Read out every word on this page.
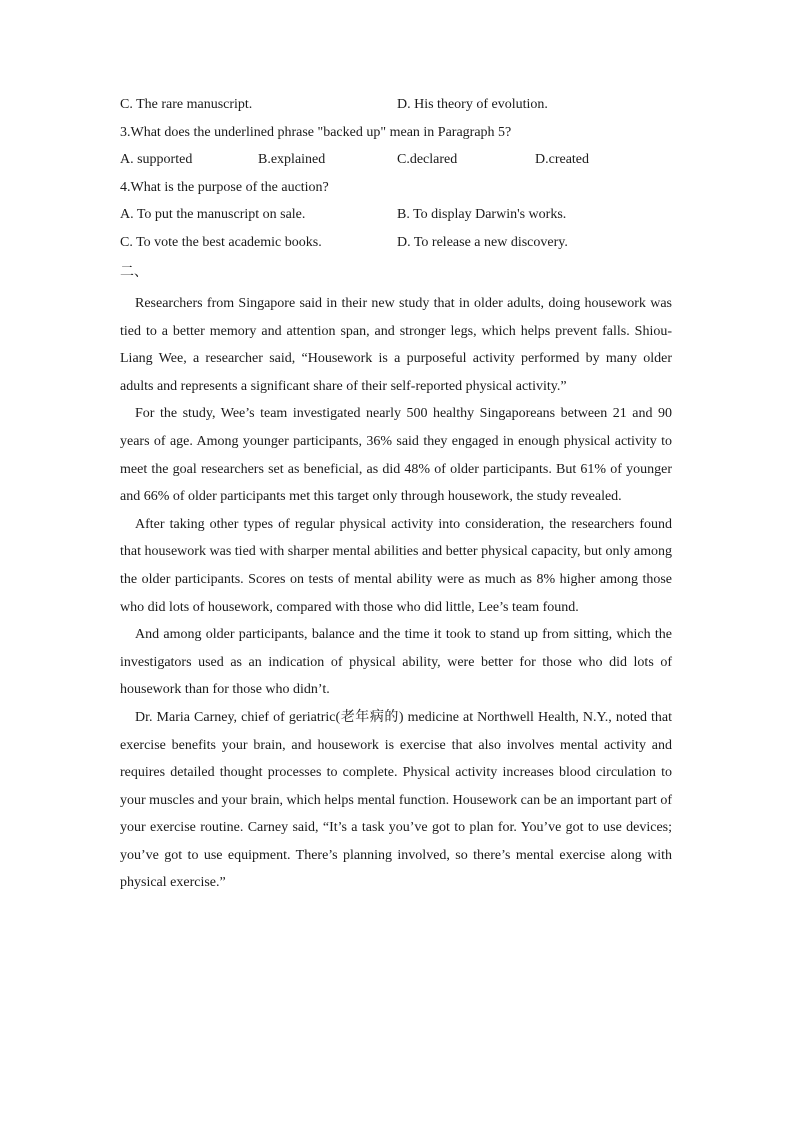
C. The rare manuscript.	D. His theory of evolution.
3.What does the underlined phrase "backed up" mean in Paragraph 5?
A. supported	B.explained	C.declared	D.created
4.What is the purpose of the auction?
A. To put the manuscript on sale.	B. To display Darwin's works.
C. To vote the best academic books.	D. To release a new discovery.
二、

Researchers from Singapore said in their new study that in older adults, doing housework was tied to a better memory and attention span, and stronger legs, which helps prevent falls. Shiou-Liang Wee, a researcher said, “Housework is a purposeful activity performed by many older adults and represents a significant share of their self-reported physical activity.”

For the study, Wee’s team investigated nearly 500 healthy Singaporeans between 21 and 90 years of age. Among younger participants, 36% said they engaged in enough physical activity to meet the goal researchers set as beneficial, as did 48% of older participants. But 61% of younger and 66% of older participants met this target only through housework, the study revealed.

After taking other types of regular physical activity into consideration, the researchers found that housework was tied with sharper mental abilities and better physical capacity, but only among the older participants. Scores on tests of mental ability were as much as 8% higher among those who did lots of housework, compared with those who did little, Lee’s team found.

And among older participants, balance and the time it took to stand up from sitting, which the investigators used as an indication of physical ability, were better for those who did lots of housework than for those who didn’t.

Dr. Maria Carney, chief of geriatric(老年病的) medicine at Northwell Health, N.Y., noted that exercise benefits your brain, and housework is exercise that also involves mental activity and requires detailed thought processes to complete. Physical activity increases blood circulation to your muscles and your brain, which helps mental function. Housework can be an important part of your exercise routine. Carney said, “It’s a task you’ve got to plan for. You’ve got to use devices; you’ve got to use equipment. There’s planning involved, so there’s mental exercise along with physical exercise.”
